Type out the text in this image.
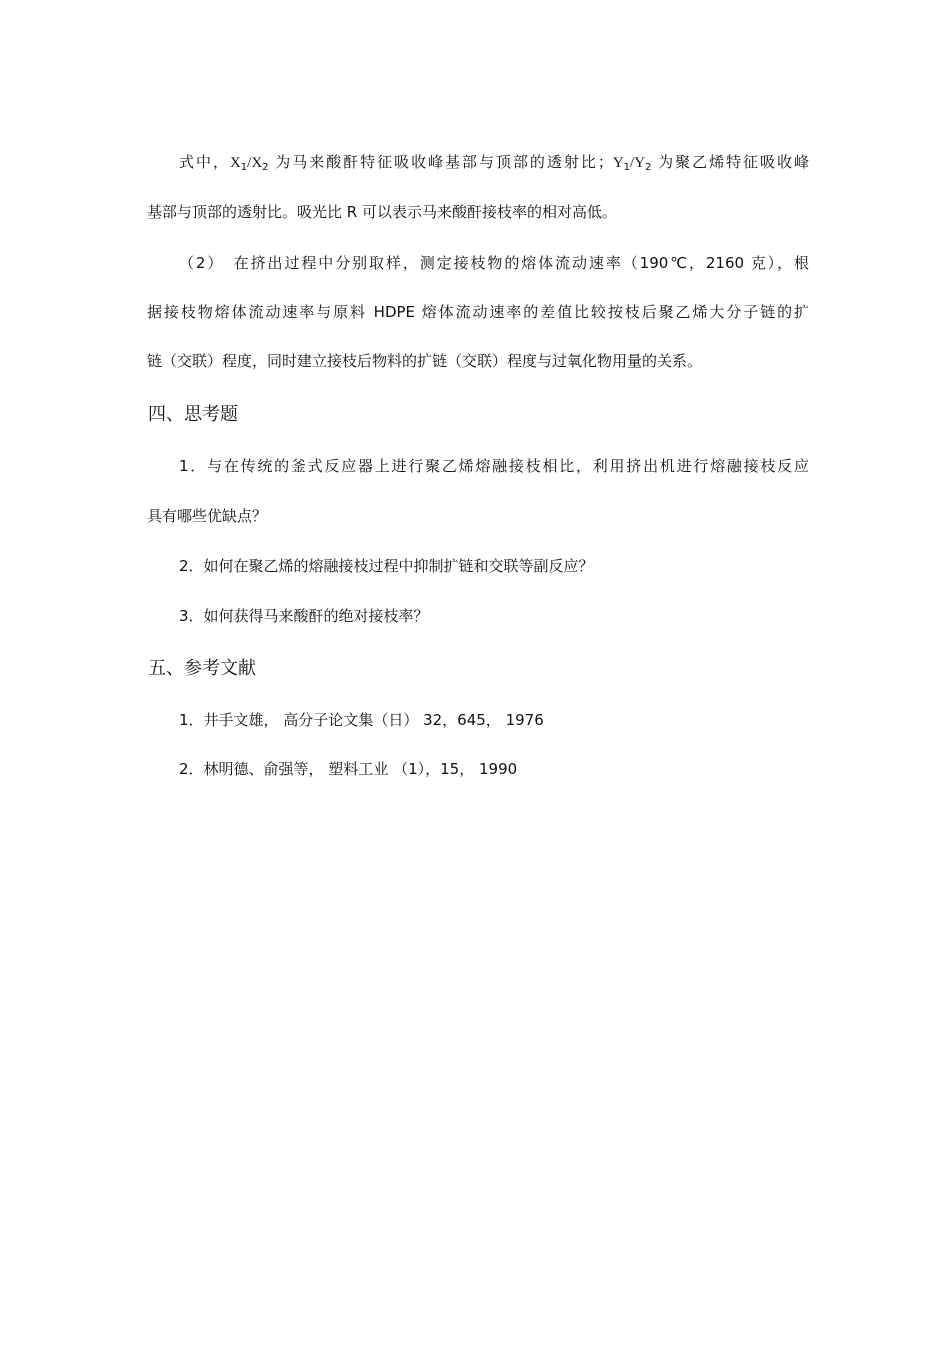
式中，$X_1/X_2$ 为马来酸酐特征吸收峰基部与顶部的透射比；$Y_1/Y_2$ 为聚乙烯特征吸收峰
基部与顶部的透射比。吸光比 R 可以表示马来酸酐接枝率的相对高低。
（2）　在挤出过程中分别取样，测定接枝物的熔体流动速率（190℃，2160 克），根
据接枝物熔体流动速率与原料 HDPE 熔体流动速率的差值比较按枝后聚乙烯大分子链的扩
链（交联）程度，同时建立接枝后物料的扩链（交联）程度与过氧化物用量的关系。
四、思考题
1．与在传统的釜式反应器上进行聚乙烯熔融接枝相比，利用挤出机进行熔融接枝反应
具有哪些优缺点？
2．如何在聚乙烯的熔融接枝过程中抑制扩链和交联等副反应？
3．如何获得马来酸酐的绝对接枝率？
五、参考文献
1．井手文雄， 高分子论文集（日） 32，645， 1976
2．林明德、俞强等， 塑料工业 （1），15， 1990
